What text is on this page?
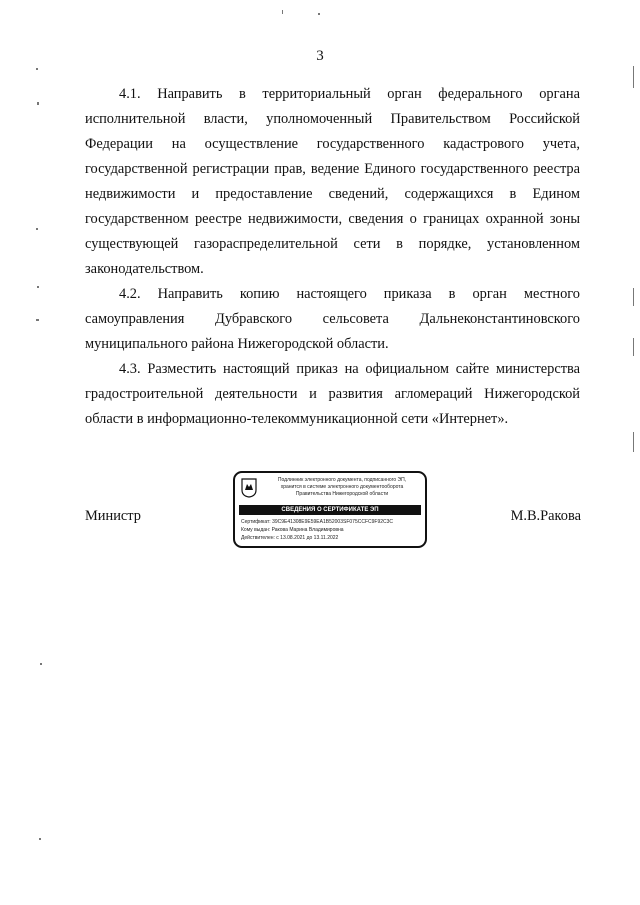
3

4.1. Направить в территориальный орган федерального органа исполнительной власти, уполномоченный Правительством Российской Федерации на осуществление государственного кадастрового учета, государственной регистрации прав, ведение Единого государственного реестра недвижимости и предоставление сведений, содержащихся в Едином государственном реестре недвижимости, сведения о границах охранной зоны существующей газораспределительной сети в порядке, установленном законодательством.

4.2. Направить копию настоящего приказа в орган местного самоуправления Дубравского сельсовета Дальнеконстантиновского муниципального района Нижегородской области.

4.3. Разместить настоящий приказ на официальном сайте министерства градостроительной деятельности и развития агломераций Нижегородской области в информационно-телекоммуникационной сети «Интернет».

Подлинник электронного документа, подписанного ЭП,
хранится в системе электронного документооборота
Правительства Нижегородской области
СВЕДЕНИЯ О СЕРТИФИКАТЕ ЭП
Сертификат: 39C9E41308E9E59EA1B52003SF075CCFC9F92C3C
Кому выдан: Ракова Марина Владимировна
Действителен: с 13.08.2021 до 13.11.2022
Министр	М.В.Ракова
